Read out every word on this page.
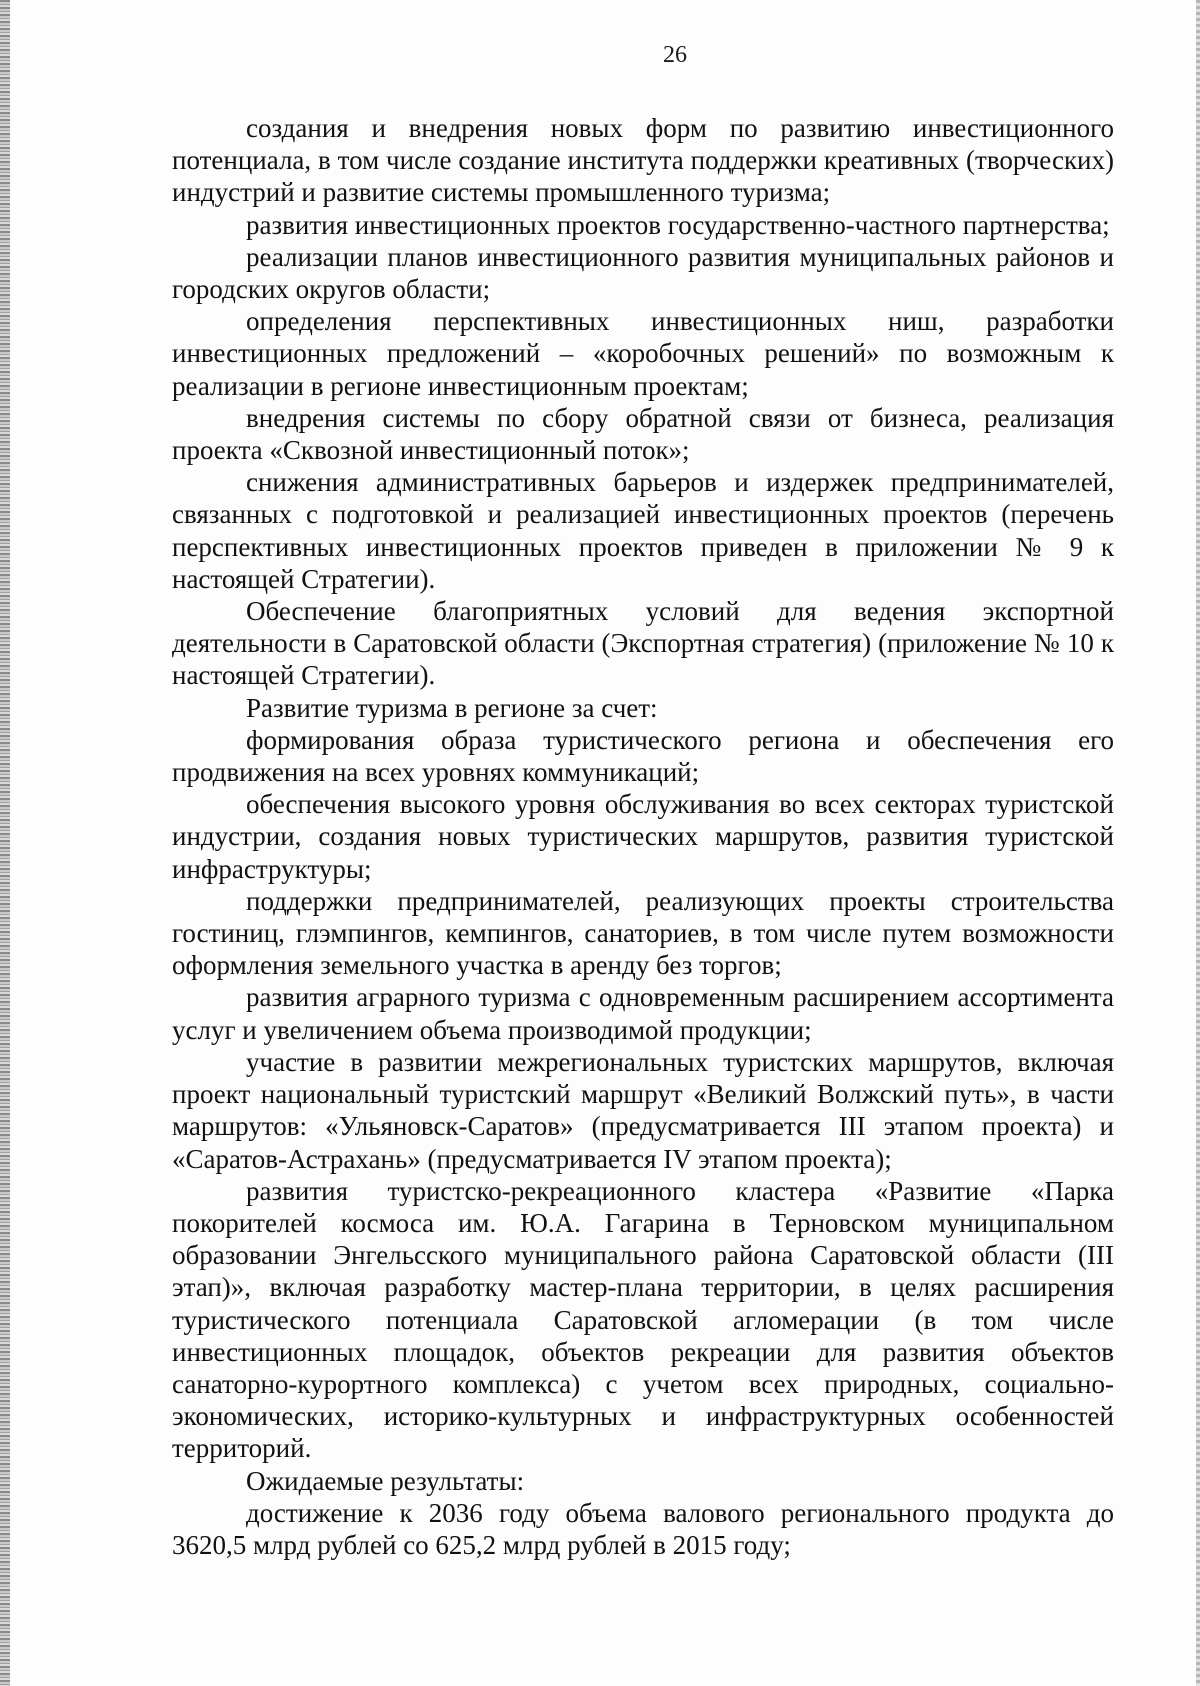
26

создания и внедрения новых форм по развитию инвестиционного потенциала, в том числе создание института поддержки креативных (творческих) индустрий и развитие системы промышленного туризма;

развития инвестиционных проектов государственно-частного партнерства;

реализации планов инвестиционного развития муниципальных районов и городских округов области;

определения перспективных инвестиционных ниш, разработки инвестиционных предложений – «коробочных решений» по возможным к реализации в регионе инвестиционным проектам;

внедрения системы по сбору обратной связи от бизнеса, реализация проекта «Сквозной инвестиционный поток»;

снижения административных барьеров и издержек предпринимателей, связанных с подготовкой и реализацией инвестиционных проектов (перечень перспективных инвестиционных проектов приведен в приложении № 9 к настоящей Стратегии).

Обеспечение благоприятных условий для ведения экспортной деятельности в Саратовской области (Экспортная стратегия) (приложение № 10 к настоящей Стратегии).

Развитие туризма в регионе за счет:

формирования образа туристического региона и обеспечения его продвижения на всех уровнях коммуникаций;

обеспечения высокого уровня обслуживания во всех секторах туристской индустрии, создания новых туристических маршрутов, развития туристской инфраструктуры;

поддержки предпринимателей, реализующих проекты строительства гостиниц, глэмпингов, кемпингов, санаториев, в том числе путем возможности оформления земельного участка в аренду без торгов;

развития аграрного туризма с одновременным расширением ассортимента услуг и увеличением объема производимой продукции;

участие в развитии межрегиональных туристских маршрутов, включая проект национальный туристский маршрут «Великий Волжский путь», в части маршрутов: «Ульяновск-Саратов» (предусматривается III этапом проекта) и «Саратов-Астрахань» (предусматривается IV этапом проекта);

развития туристско-рекреационного кластера «Развитие «Парка покорителей космоса им. Ю.А. Гагарина в Терновском муниципальном образовании Энгельсского муниципального района Саратовской области (III этап)», включая разработку мастер-плана территории, в целях расширения туристического потенциала Саратовской агломерации (в том числе инвестиционных площадок, объектов рекреации для развития объектов санаторно-курортного комплекса) с учетом всех природных, социально-экономических, историко-культурных и инфраструктурных особенностей территорий.

Ожидаемые результаты:

достижение к 2036 году объема валового регионального продукта до 3620,5 млрд рублей со 625,2 млрд рублей в 2015 году;
